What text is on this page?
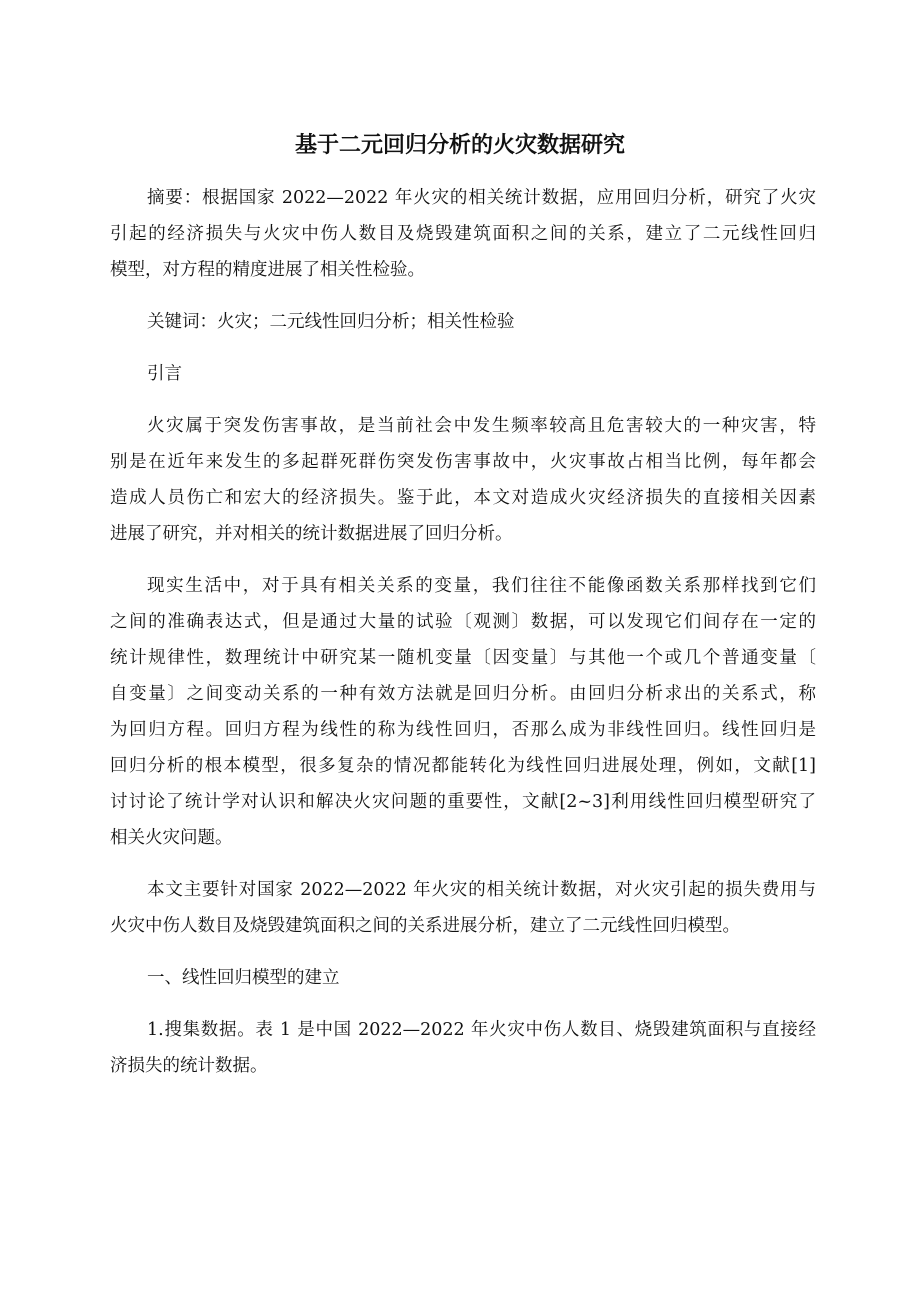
基于二元回归分析的火灾数据研究
摘要：根据国家 2022—2022 年火灾的相关统计数据，应用回归分析，研究了火灾
引起的经济损失与火灾中伤人数目及烧毁建筑面积之间的关系，建立了二元线性回归
模型，对方程的精度进展了相关性检验。
关键词：火灾；二元线性回归分析；相关性检验
引言
火灾属于突发伤害事故，是当前社会中发生频率较高且危害较大的一种灾害，特
别是在近年来发生的多起群死群伤突发伤害事故中，火灾事故占相当比例，每年都会
造成人员伤亡和宏大的经济损失。鉴于此，本文对造成火灾经济损失的直接相关因素
进展了研究，并对相关的统计数据进展了回归分析。
现实生活中，对于具有相关关系的变量，我们往往不能像函数关系那样找到它们
之间的准确表达式，但是通过大量的试验〔观测〕数据，可以发现它们间存在一定的
统计规律性，数理统计中研究某一随机变量〔因变量〕与其他一个或几个普通变量〔
自变量〕之间变动关系的一种有效方法就是回归分析。由回归分析求出的关系式，称
为回归方程。回归方程为线性的称为线性回归，否那么成为非线性回归。线性回归是
回归分析的根本模型，很多复杂的情况都能转化为线性回归进展处理，例如，文献[1]
讨讨论了统计学对认识和解决火灾问题的重要性，文献[2~3]利用线性回归模型研究了
相关火灾问题。
本文主要针对国家 2022—2022 年火灾的相关统计数据，对火灾引起的损失费用与
火灾中伤人数目及烧毁建筑面积之间的关系进展分析，建立了二元线性回归模型。
一、线性回归模型的建立
1.搜集数据。表 1 是中国 2022—2022 年火灾中伤人数目、烧毁建筑面积与直接经
济损失的统计数据。
